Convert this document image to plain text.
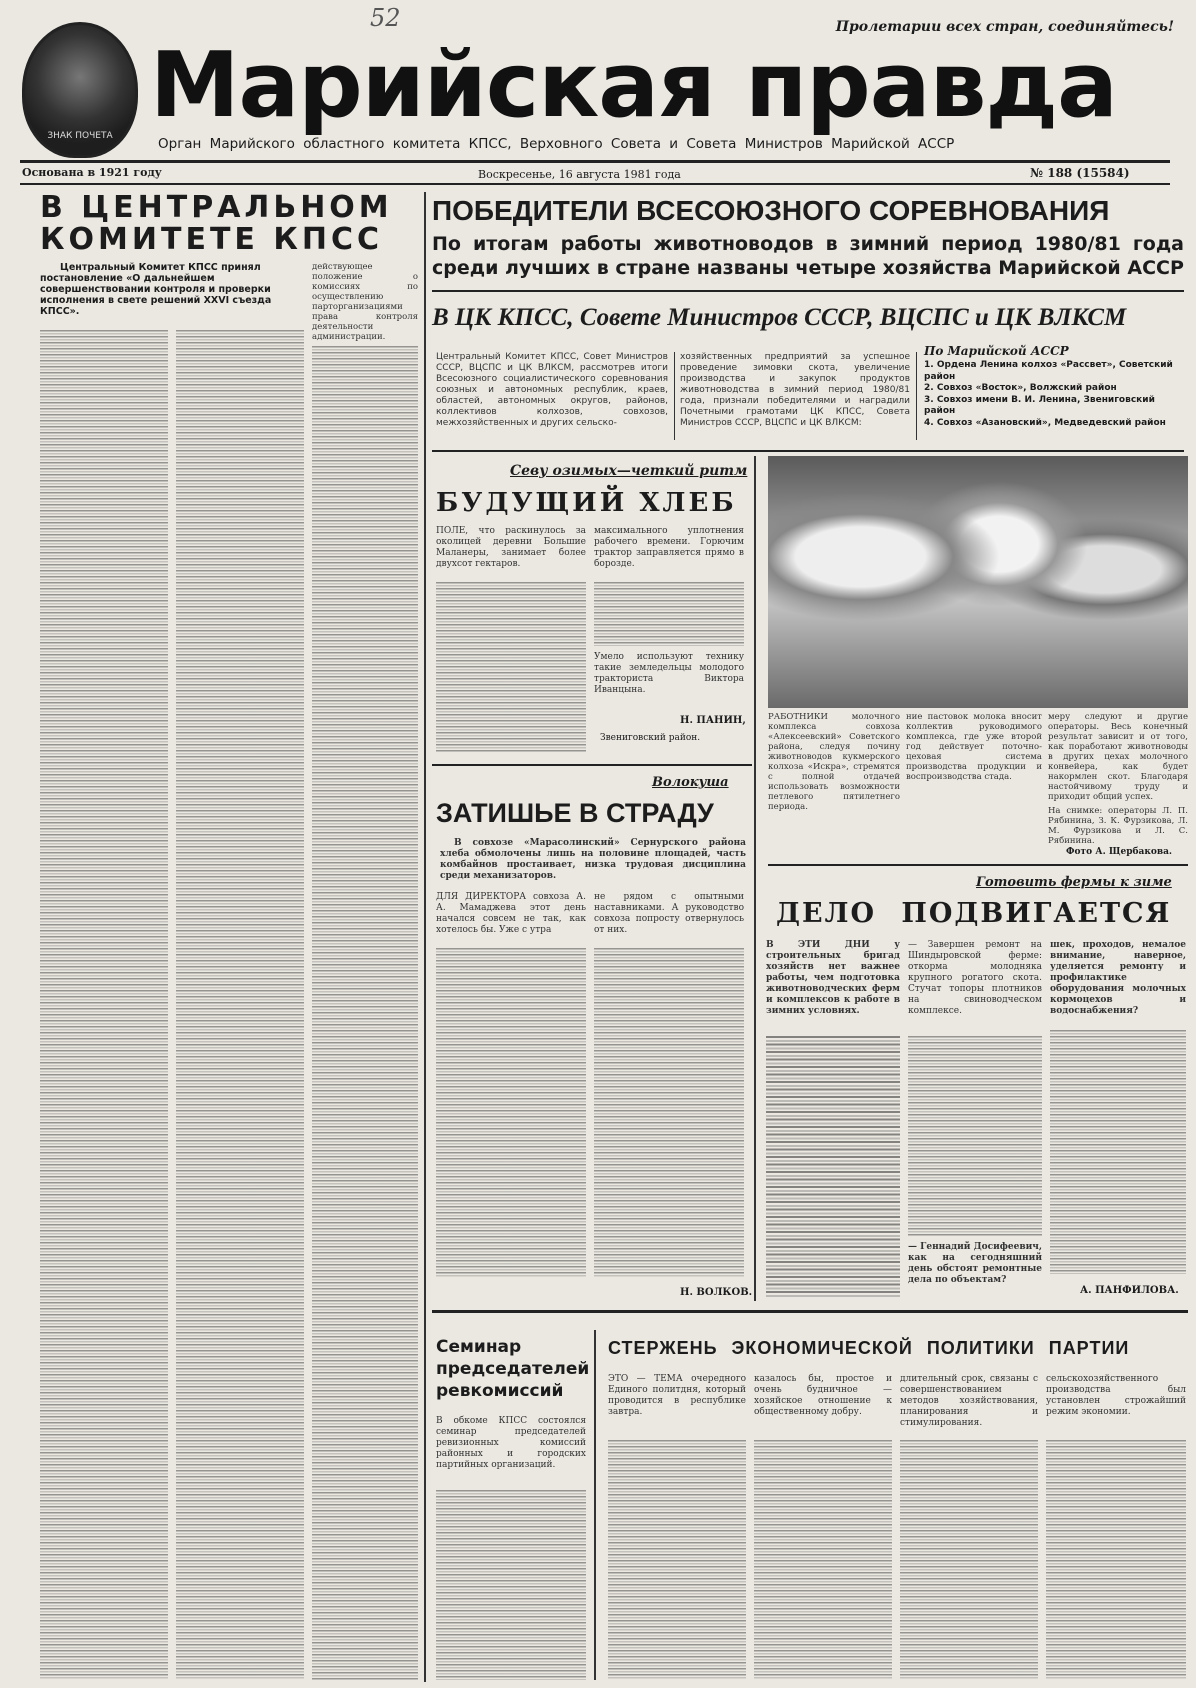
ЗНАК ПОЧЕТА
52	Пролетарии всех стран, соединяйтесь!
Марийская правда
Орган Марийского областного комитета КПСС, Верховного Совета и Совета Министров Марийской АССР
Основана в 1921 году	Воскресенье, 16 августа 1981 года	№ 188 (15584)
В ЦЕНТРАЛЬНОМ
КОМИТЕТЕ КПСС
Центральный Комитет КПСС принял постановление «О дальнейшем совершенствовании контроля и проверки исполнения в свете решений XXVI съезда КПСС».
действующее положение о комиссиях по осуществлению парторганизациями права контроля деятельности администрации.
ПОБЕДИТЕЛИ ВСЕСОЮЗНОГО СОРЕВНОВАНИЯ
По итогам работы животноводов в зимний период 1980/81 года
среди лучших в стране названы четыре хозяйства Марийской АССР
В ЦК КПСС, Совете Министров СССР, ВЦСПС и ЦК ВЛКСМ
Центральный Комитет КПСС, Совет Министров СССР, ВЦСПС и ЦК ВЛКСМ, рассмотрев итоги Всесоюзного социалистического соревнования союзных и автономных республик, краев, областей, автономных округов, районов, коллективов колхозов, совхозов, межхозяйственных и других сельско-
хозяйственных предприятий за успешное проведение зимовки скота, увеличение производства и закупок продуктов животноводства в зимний период 1980/81 года, признали победителями и наградили Почетными грамотами ЦК КПСС, Совета Министров СССР, ВЦСПС и ЦК ВЛКСМ:
По Марийской АССР
1. Ордена Ленина колхоз «Рассвет», Советский район
2. Совхоз «Восток», Волжский район
3. Совхоз имени В. И. Ленина, Звениговский район
4. Совхоз «Азановский», Медведевский район
Севу озимых—четкий ритм
БУДУЩИЙ ХЛЕБ
ПОЛЕ, что раскинулось за околицей деревни Большие Маланеры, занимает более двухсот гектаров.
максимального уплотнения рабочего времени. Горючим трактор заправляется прямо в борозде.
Умело используют технику такие земледельцы молодого тракториста Виктора Иванцына.
Н. ПАНИН,
Звениговский район.
РАБОТНИКИ молочного комплекса совхоза «Алексеевский» Советского района, следуя почину животноводов кукмерского колхоза «Искра», стремятся с полной отдачей использовать возможности петлевого пятилетнего периода.
ние пастовок молока вносит коллектив руководимого комплекса, где уже второй год действует поточно-цеховая система производства продукции и воспроизводства стада.
меру следуют и другие операторы. Весь конечный результат зависит и от того, как поработают животноводы в других цехах молочного конвейера, как будет накормлен скот. Благодаря настойчивому труду и приходит общий успех.
На снимке: операторы Л. П. Рябинина, З. К. Фурзикова, Л. М. Фурзикова и Л. С. Рябинина.
Фото А. Щербакова.
Волокуша
ЗАТИШЬЕ В СТРАДУ
В совхозе «Марасолинский» Сернурского района хлеба обмолочены лишь на половине площадей, часть комбайнов простаивает, низка трудовая дисциплина среди механизаторов.
ДЛЯ ДИРЕКТОРА совхоза А. А. Мамаджева этот день начался совсем не так, как хотелось бы. Уже с утра
не рядом с опытными наставниками. А руководство совхоза попросту отвернулось от них.
Н. ВОЛКОВ.
Готовить фермы к зиме
ДЕЛО ПОДВИГАЕТСЯ
В ЭТИ ДНИ у строительных бригад хозяйств нет важнее работы, чем подготовка животноводческих ферм и комплексов к работе в зимних условиях.
— Завершен ремонт на Шиндыровской ферме: откорма молодняка крупного рогатого скота. Стучат топоры плотников на свиноводческом комплексе.
— Геннадий Досифеевич, как на сегодняшний день обстоят ремонтные дела по объектам?
шек, проходов, немалое внимание, наверное, уделяется ремонту и профилактике оборудования молочных кормоцехов и водоснабжения?
А. ПАНФИЛОВА.
Семинар председателей ревкомиссий
В обкоме КПСС состоялся семинар председателей ревизионных комиссий районных и городских партийных организаций.
СТЕРЖЕНЬ ЭКОНОМИЧЕСКОЙ ПОЛИТИКИ ПАРТИИ
ЭТО — ТЕМА очередного Единого политдня, который проводится в республике завтра.
казалось бы, простое и очень будничное — хозяйское отношение к общественному добру.
длительный срок, связаны с совершенствованием методов хозяйствования, планирования и стимулирования.
сельскохозяйственного производства был установлен строжайший режим экономии.
